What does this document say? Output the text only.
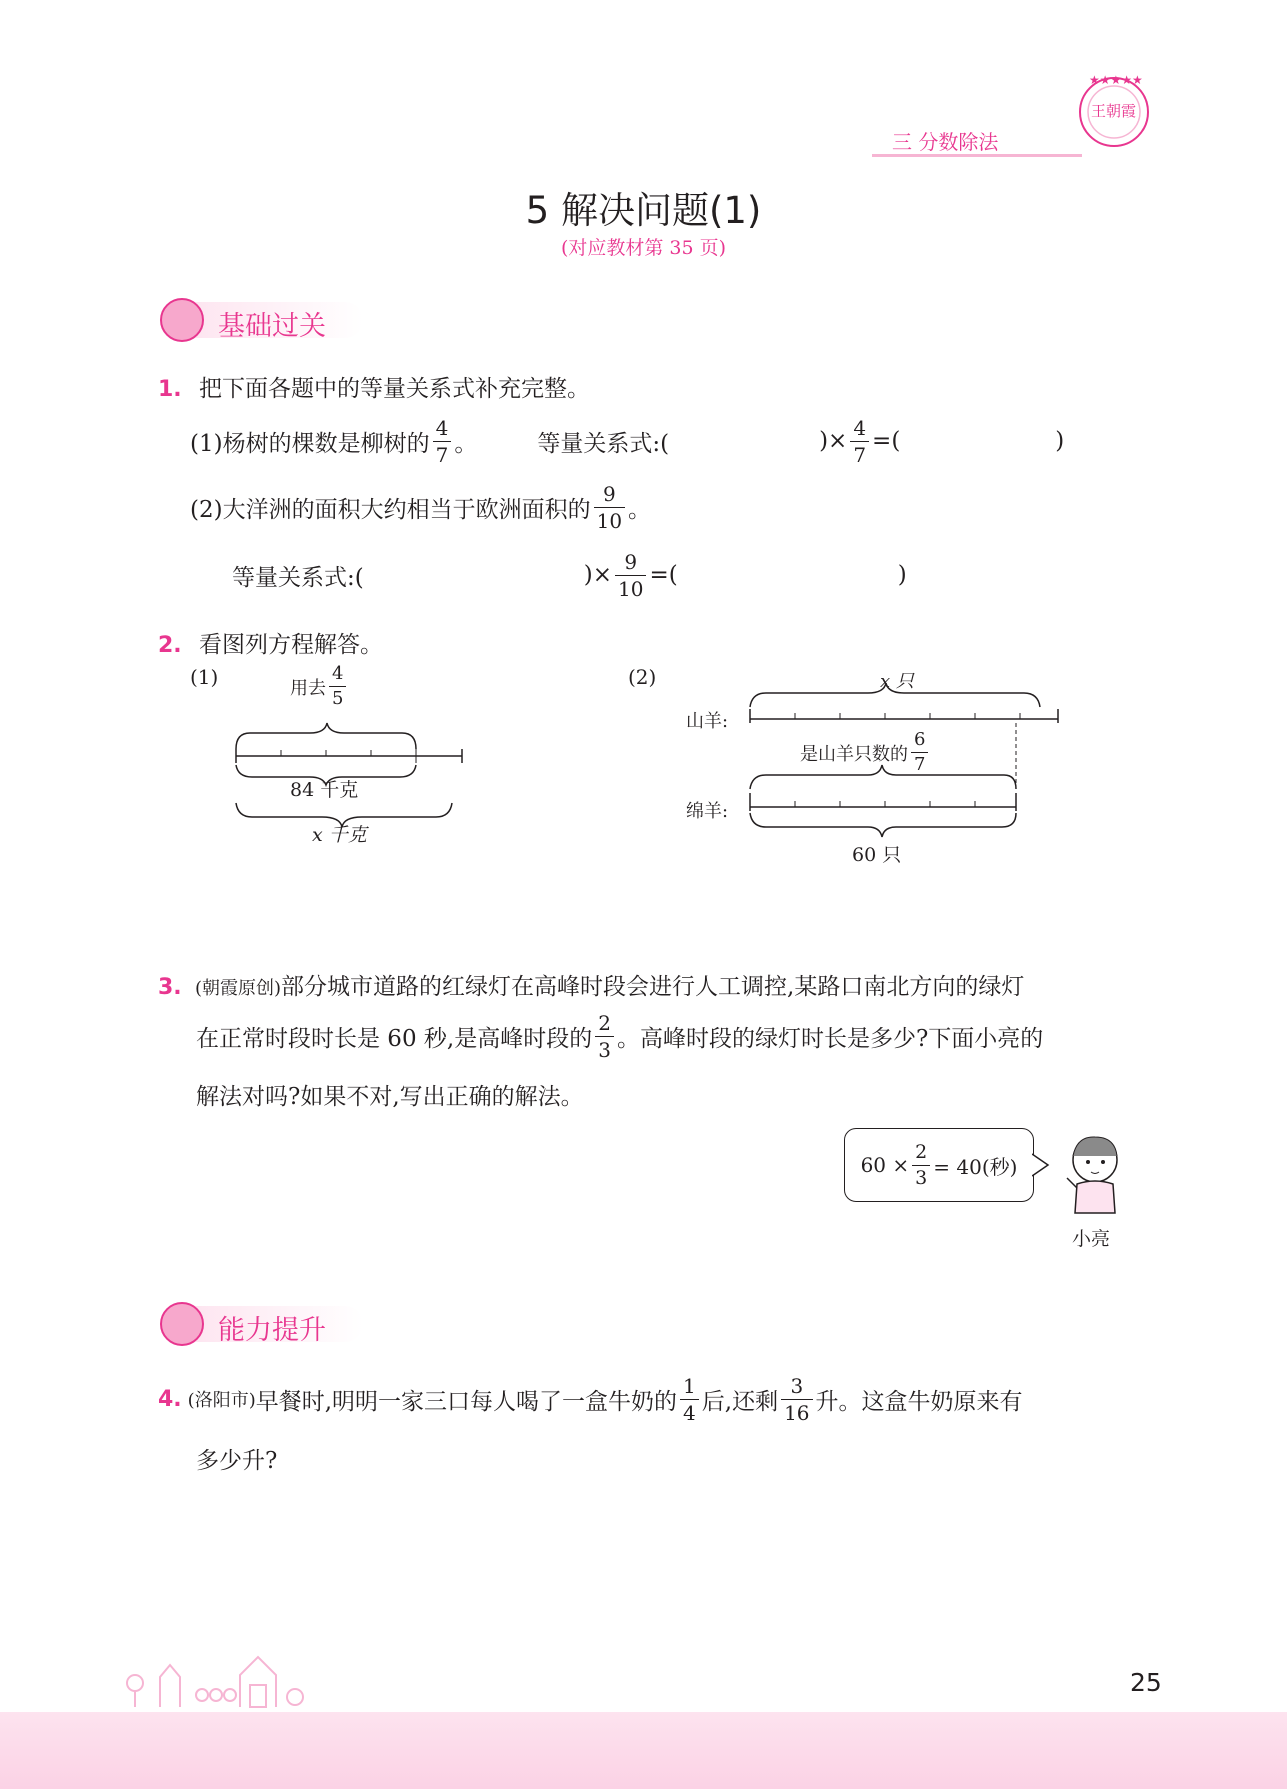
三 分数除法
★★★★★
王朝霞
5 解决问题(1)
(对应教材第 35 页)
基础过关
1. 把下面各题中的等量关系式补充完整。
(1)杨树的棵数是柳树的 $\frac{4}{7}$ 。	等量关系式:(	)× $\frac{4}{7}$ =(	)
(2)大洋洲的面积大约相当于欧洲面积的 $\frac{9}{10}$ 。
等量关系式:(	)× $\frac{9}{10}$ =(	)
2. 看图列方程解答。
(1)	用去 $\frac{4}{5}$
84 千克
x 千克
(2)	x 只
山羊:
绵羊:
是山羊只数的 $\frac{6}{7}$
60 只
3. (朝霞原创)部分城市道路的红绿灯在高峰时段会进行人工调控,某路口南北方向的绿灯
在正常时段时长是 60 秒,是高峰时段的 $\frac{2}{3}$ 。高峰时段的绿灯时长是多少?下面小亮的
解法对吗?如果不对,写出正确的解法。
$60 \times \frac{2}{3} = 40$(秒)
小亮
能力提升
4. (洛阳市) 早餐时,明明一家三口每人喝了一盒牛奶的 $\frac{1}{4}$ 后,还剩 $\frac{3}{16}$ 升。这盒牛奶原来有
多少升?
25
